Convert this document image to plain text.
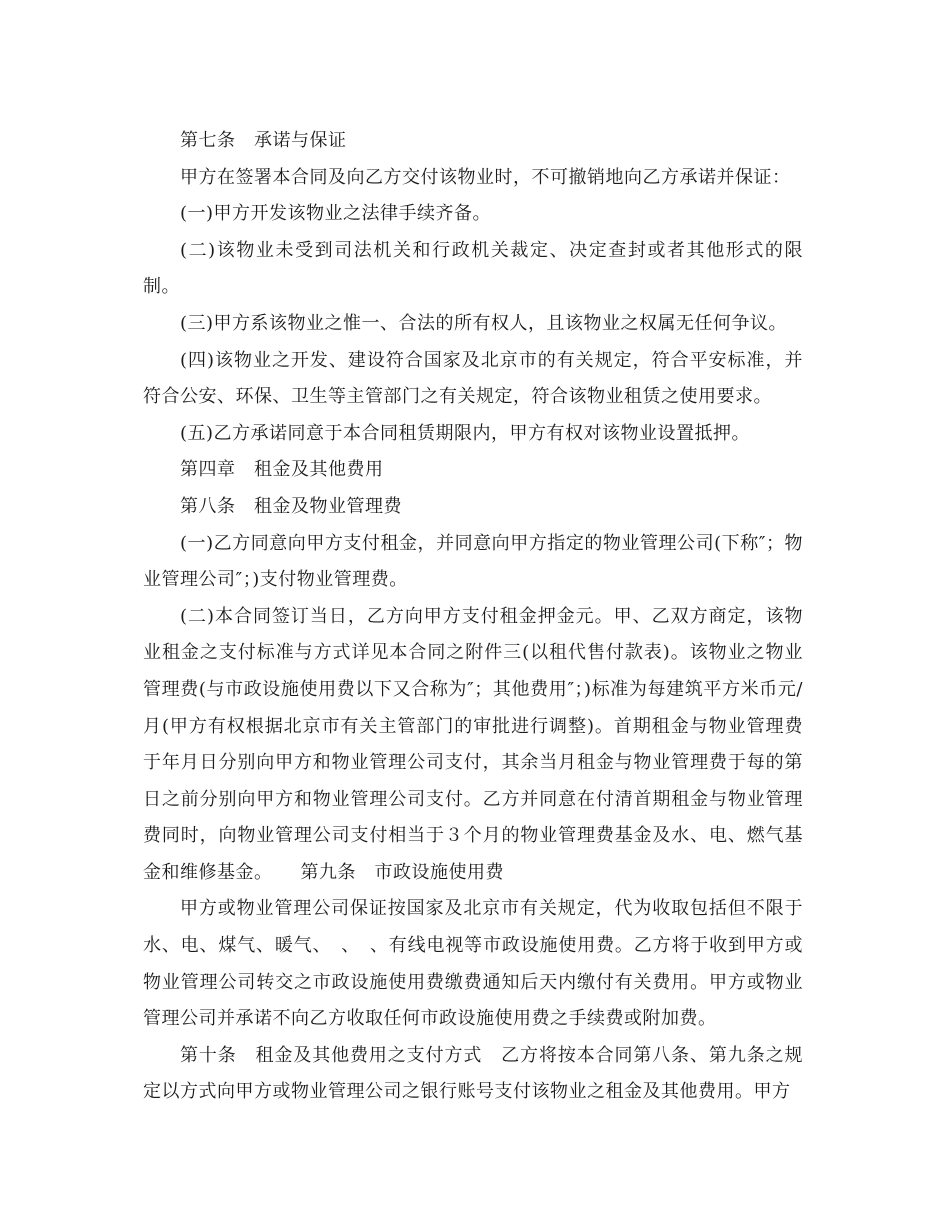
第七条　承诺与保证

甲方在签署本合同及向乙方交付该物业时，不可撤销地向乙方承诺并保证：

(一)甲方开发该物业之法律手续齐备。

(二)该物业未受到司法机关和行政机关裁定、决定查封或者其他形式的限制。

(三)甲方系该物业之惟一、合法的所有权人，且该物业之权属无任何争议。

(四)该物业之开发、建设符合国家及北京市的有关规定，符合平安标准，并符合公安、环保、卫生等主管部门之有关规定，符合该物业租赁之使用要求。

(五)乙方承诺同意于本合同租赁期限内，甲方有权对该物业设置抵押。

第四章　租金及其他费用

第八条　租金及物业管理费

(一)乙方同意向甲方支付租金，并同意向甲方指定的物业管理公司(下称″；物业管理公司″；)支付物业管理费。

(二)本合同签订当日，乙方向甲方支付租金押金元。甲、乙双方商定，该物业租金之支付标准与方式详见本合同之附件三(以租代售付款表)。该物业之物业管理费(与市政设施使用费以下又合称为″；其他费用″；)标准为每建筑平方米币元/月(甲方有权根据北京市有关主管部门的审批进行调整)。首期租金与物业管理费于年月日分别向甲方和物业管理公司支付，其余当月租金与物业管理费于每的第日之前分别向甲方和物业管理公司支付。乙方并同意在付清首期租金与物业管理费同时，向物业管理公司支付相当于３个月的物业管理费基金及水、电、燃气基金和维修基金。　　第九条　市政设施使用费

甲方或物业管理公司保证按国家及北京市有关规定，代为收取包括但不限于水、电、煤气、暖气、　、　、有线电视等市政设施使用费。乙方将于收到甲方或物业管理公司转交之市政设施使用费缴费通知后天内缴付有关费用。甲方或物业管理公司并承诺不向乙方收取任何市政设施使用费之手续费或附加费。

第十条　租金及其他费用之支付方式　乙方将按本合同第八条、第九条之规定以方式向甲方或物业管理公司之银行账号支付该物业之租金及其他费用。甲方
